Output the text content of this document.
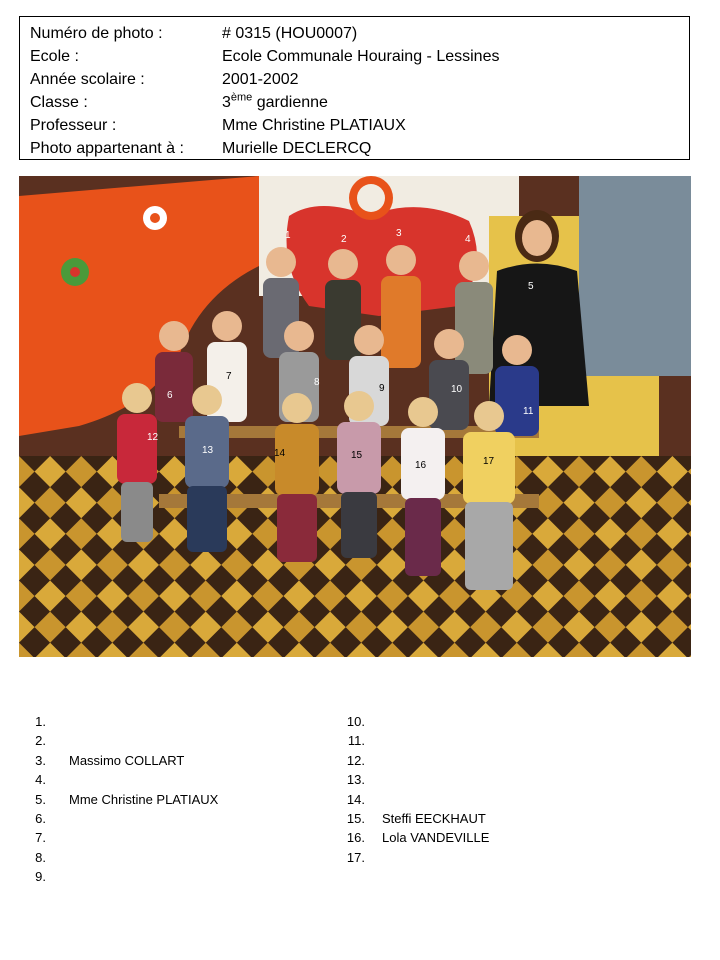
Numéro de photo :	# 0315 (HOU0007)
Ecole :	Ecole Communale Houraing - Lessines
Année scolaire :	2001-2002
Classe :	3ème gardienne
Professeur :	Mme Christine PLATIAUX
Photo appartenant à :	Murielle DECLERCQ
1	2
3
4
5
6
7
8
9	10
11
12
13	14	15
16	17
1.
2.
3.	Massimo COLLART
4.
5.	Mme Christine PLATIAUX
6.
7.
8.
9.
10.
11.
12.
13.
14.
15.	Steffi EECKHAUT
16.	Lola VANDEVILLE
17.
